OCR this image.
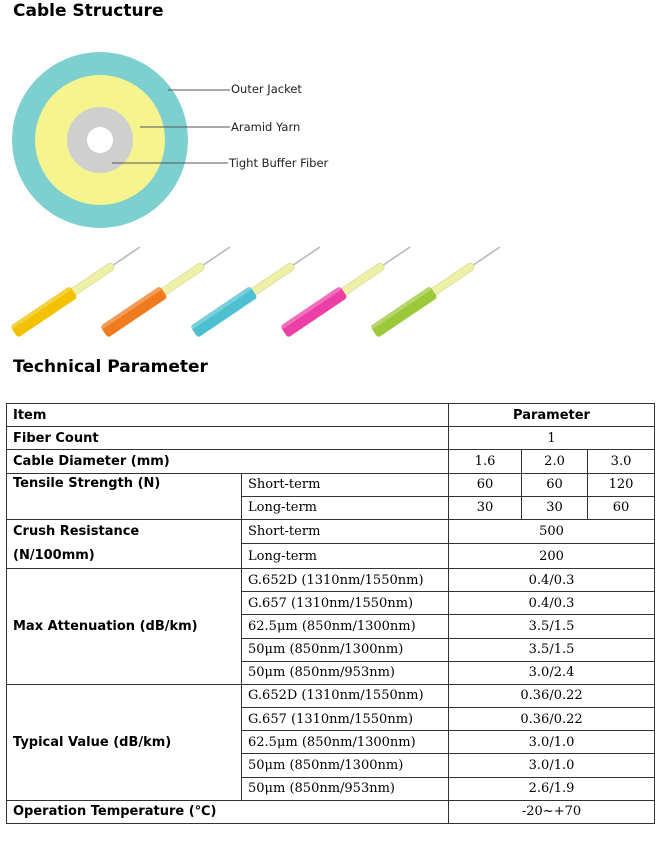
Cable Structure
Outer Jacket
Aramid Yarn
Tight Buffer Fiber
Technical Parameter
Item		Parameter		
Fiber Count		1		
Cable Diameter (mm)		1.6	2.0	3.0
Tensile Strength (N)	Short-term	60	60	120
	Long-term	30	30	60

Crush Resistance
(N/100mm)	Short-term	500		
	Long-term	200		
Max Attenuation (dB/km)	G.652D (1310nm/1550nm)	0.4/0.3		
	G.657 (1310nm/1550nm)	0.4/0.3		
	62.5μm (850nm/1300nm)	3.5/1.5		
	50μm (850nm/1300nm)	3.5/1.5		
	50μm (850nm/953nm)	3.0/2.4		
Typical Value (dB/km)	G.652D (1310nm/1550nm)	0.36/0.22		
	G.657 (1310nm/1550nm)	0.36/0.22		
	62.5μm (850nm/1300nm)	3.0/1.0		
	50μm (850nm/1300nm)	3.0/1.0		
	50μm (850nm/953nm)	2.6/1.9		
Operation Temperature (℃)		-20~+70		
